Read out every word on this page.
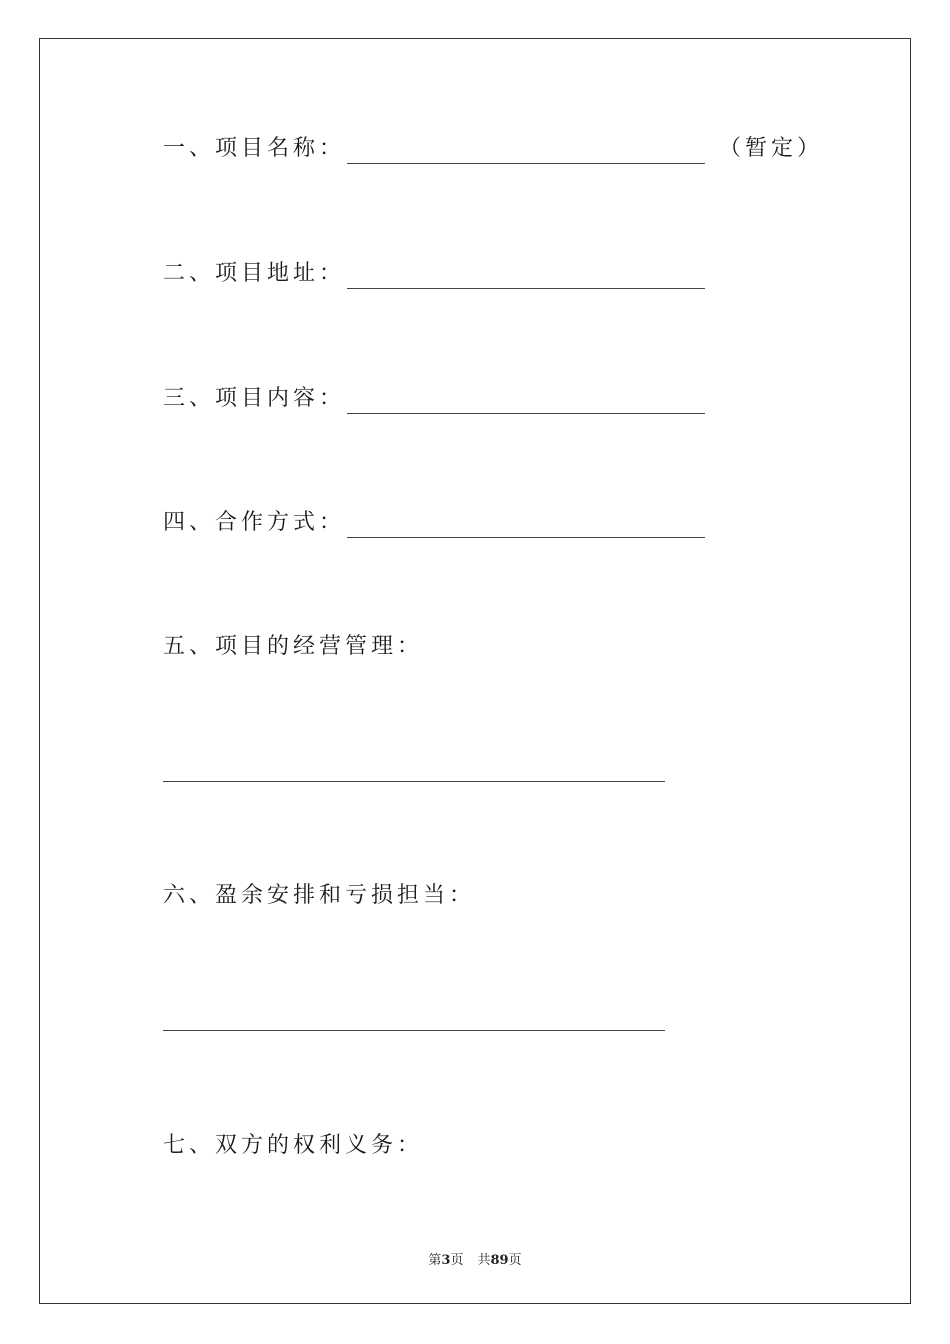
一、项目名称：	（暂定）
二、项目地址：
三、项目内容：
四、合作方式：
五、项目的经营管理：
六、盈余安排和亏损担当：
七、双方的权利义务：
第3页 共89页
